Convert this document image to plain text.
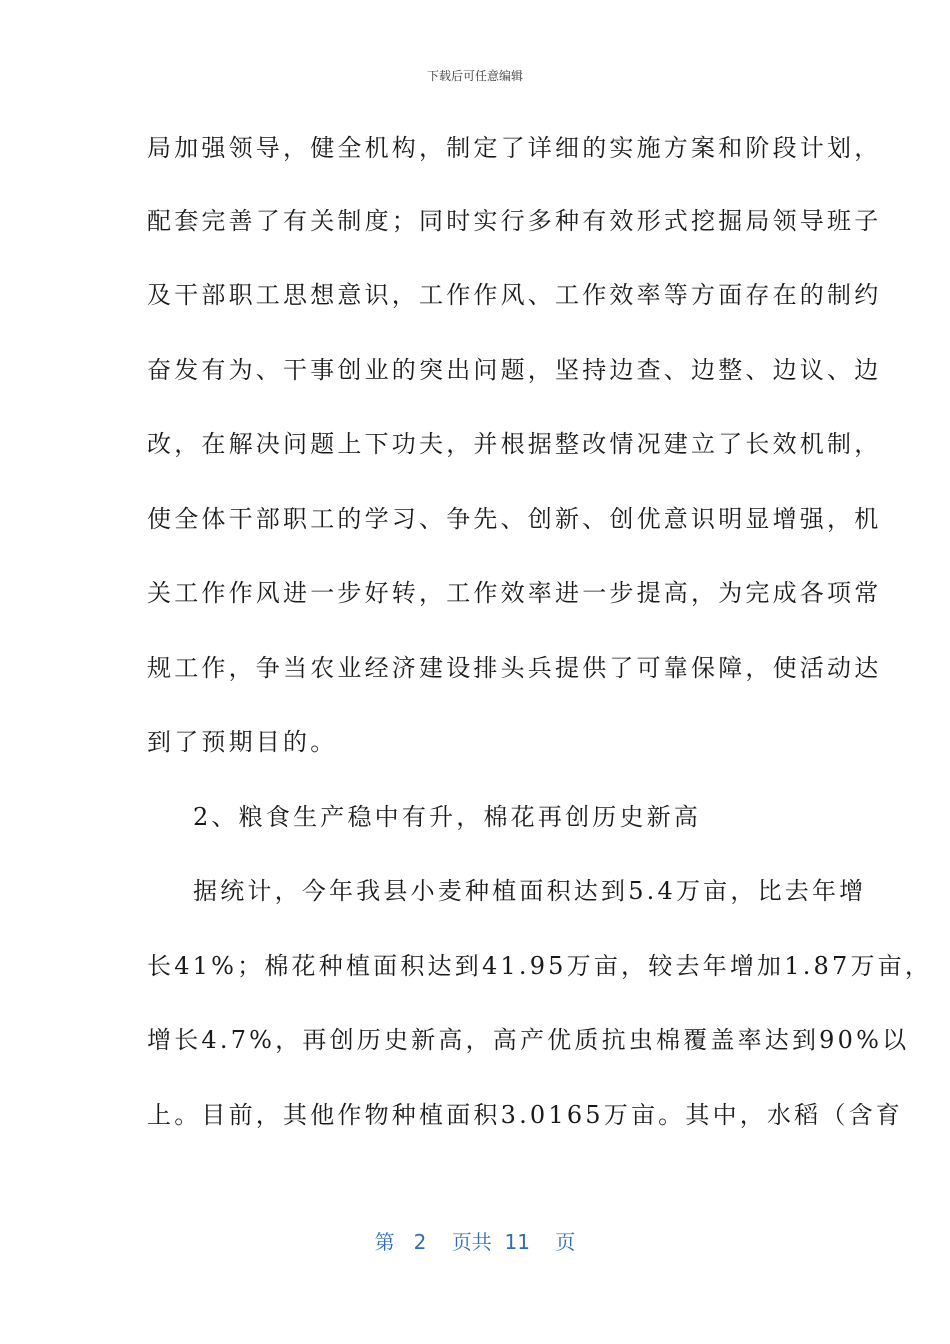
下载后可任意编辑
局加强领导，健全机构，制定了详细的实施方案和阶段计划，
配套完善了有关制度；同时实行多种有效形式挖掘局领导班子
及干部职工思想意识，工作作风、工作效率等方面存在的制约
奋发有为、干事创业的突出问题，坚持边查、边整、边议、边
改，在解决问题上下功夫，并根据整改情况建立了长效机制，
使全体干部职工的学习、争先、创新、创优意识明显增强，机
关工作作风进一步好转，工作效率进一步提高，为完成各项常
规工作，争当农业经济建设排头兵提供了可靠保障，使活动达
到了预期目的。
2、粮食生产稳中有升，棉花再创历史新高
据统计，今年我县小麦种植面积达到5.4万亩，比去年增
长41%；棉花种植面积达到41.95万亩，较去年增加1.87万亩，
增长4.7%，再创历史新高，高产优质抗虫棉覆盖率达到90%以
上。目前，其他作物种植面积3.0165万亩。其中，水稻（含育
第 2 页共 11 页
